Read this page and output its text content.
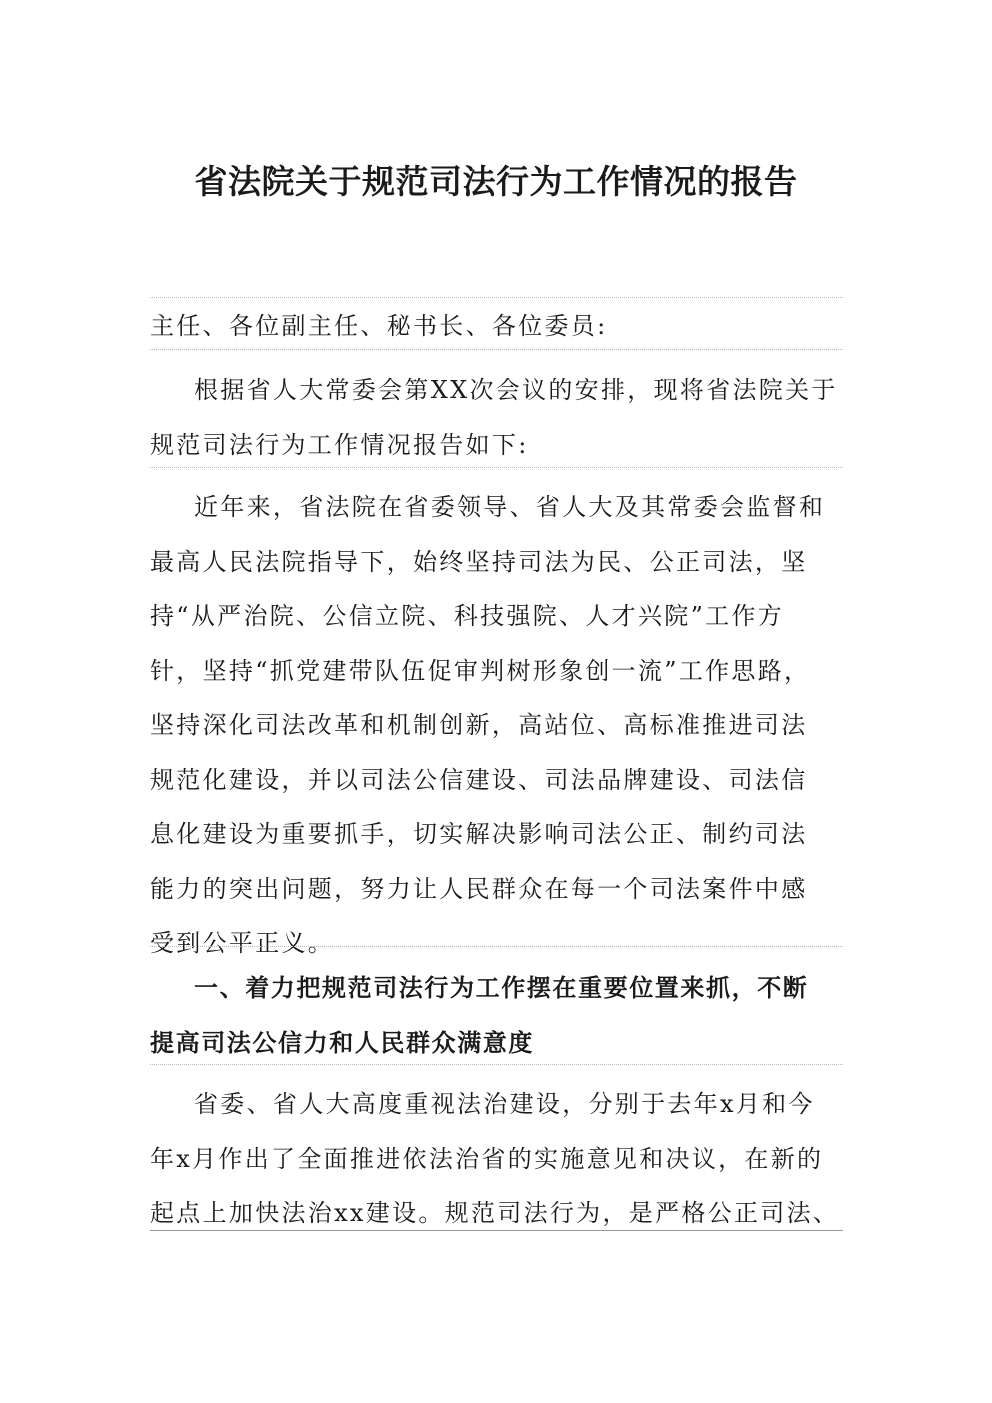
省法院关于规范司法行为工作情况的报告

主任、各位副主任、秘书长、各位委员:

根据省人大常委会第XX次会议的安排，现将省法院关于
规范司法行为工作情况报告如下:

近年来，省法院在省委领导、省人大及其常委会监督和
最高人民法院指导下，始终坚持司法为民、公正司法，坚
持“从严治院、公信立院、科技强院、人才兴院”工作方
针，坚持“抓党建带队伍促审判树形象创一流”工作思路，
坚持深化司法改革和机制创新，高站位、高标准推进司法
规范化建设，并以司法公信建设、司法品牌建设、司法信
息化建设为重要抓手，切实解决影响司法公正、制约司法
能力的突出问题，努力让人民群众在每一个司法案件中感
受到公平正义。

一、着力把规范司法行为工作摆在重要位置来抓，不断
提高司法公信力和人民群众满意度

省委、省人大高度重视法治建设，分别于去年x月和今
年x月作出了全面推进依法治省的实施意见和决议，在新的
起点上加快法治xx建设。规范司法行为，是严格公正司法、
